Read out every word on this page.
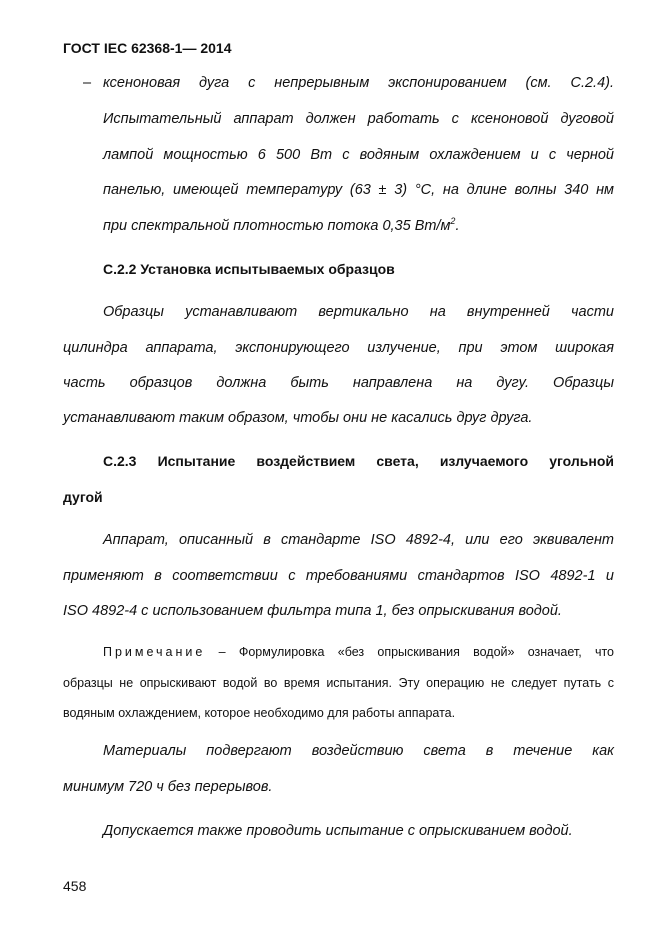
ГОСТ IEC 62368-1— 2014
– ксеноновая дуга с непрерывным экспонированием (см. С.2.4).
Испытательный аппарат должен работать с ксеноновой дуговой
лампой мощностью 6 500 Вт с водяным охлаждением и с черной
панелью, имеющей температуру (63 ± 3) °С, на длине волны 340 нм
при спектральной плотностью потока 0,35 $Вт/м^2$.
С.2.2 Установка испытываемых образцов
Образцы устанавливают вертикально на внутренней части
цилиндра аппарата, экспонирующего излучение, при этом широкая
часть образцов должна быть направлена на дугу. Образцы
устанавливают таким образом, чтобы они не касались друг друга.
С.2.3 Испытание воздействием света, излучаемого угольной
дугой
Аппарат, описанный в стандарте ISO 4892-4, или его эквивалент
применяют в соответствии с требованиями стандартов ISO 4892-1 и
ISO 4892-4 с использованием фильтра типа 1, без опрыскивания водой.
Примечание – Формулировка «без опрыскивания водой» означает, что
образцы не опрыскивают водой во время испытания. Эту операцию не следует путать с
водяным охлаждением, которое необходимо для работы аппарата.
Материалы подвергают воздействию света в течение как
минимум 720 ч без перерывов.
Допускается также проводить испытание с опрыскиванием водой.
458
